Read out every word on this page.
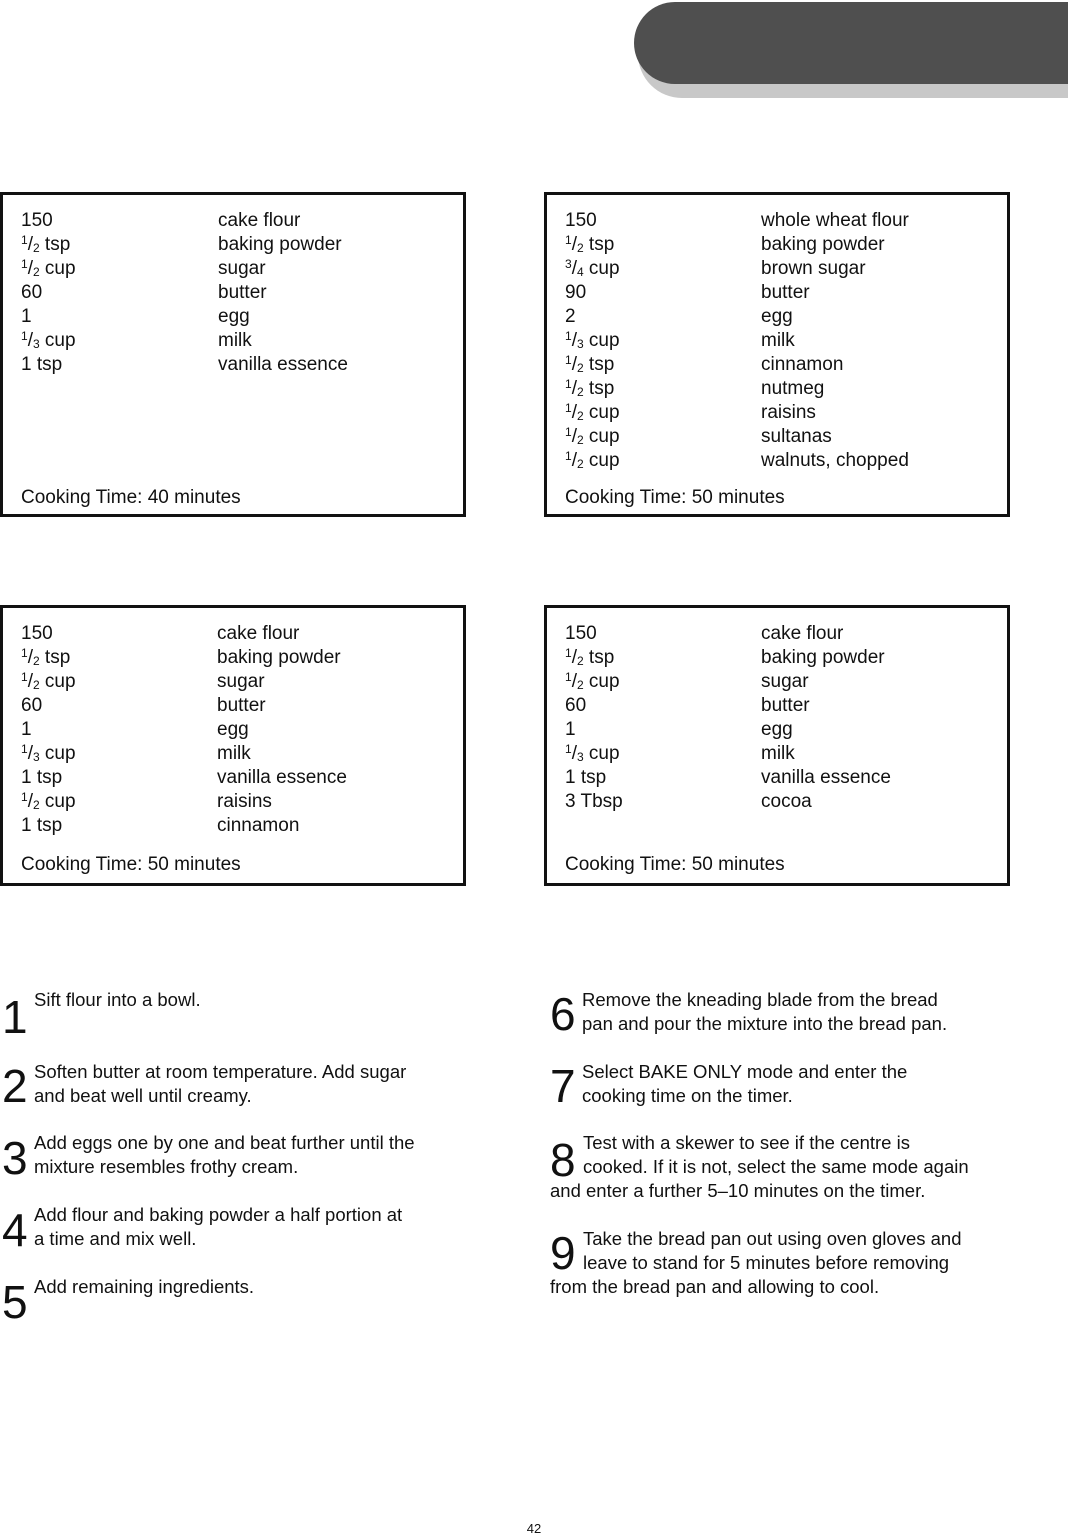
150	cake flour
$^1/_2$ tsp	baking powder
$^1/_2$ cup	sugar
60	butter
1	egg
$^1/_3$ cup	milk
1 tsp	vanilla essence
Cooking Time: 40 minutes
150	whole wheat flour
$^1/_2$ tsp	baking powder
$^3/_4$ cup	brown sugar
90	butter
2	egg
$^1/_3$ cup	milk
$^1/_2$ tsp	cinnamon
$^1/_2$ tsp	nutmeg
$^1/_2$ cup	raisins
$^1/_2$ cup	sultanas
$^1/_2$ cup	walnuts, chopped
Cooking Time: 50 minutes
150	cake flour
$^1/_2$ tsp	baking powder
$^1/_2$ cup	sugar
60	butter
1	egg
$^1/_3$ cup	milk
1 tsp	vanilla essence
$^1/_2$ cup	raisins
1 tsp	cinnamon
Cooking Time: 50 minutes
150	cake flour
$^1/_2$ tsp	baking powder
$^1/_2$ cup	sugar
60	butter
1	egg
$^1/_3$ cup	milk
1 tsp	vanilla essence
3 Tbsp	cocoa
Cooking Time: 50 minutes
1 Sift flour into a bowl.
2 Soften butter at room temperature. Add sugar
and beat well until creamy.
3 Add eggs one by one and beat further until the
mixture resembles frothy cream.
4 Add flour and baking powder a half portion at
a time and mix well.
5 Add remaining ingredients.
6 Remove the kneading blade from the bread
pan and pour the mixture into the bread pan.
7 Select BAKE ONLY mode and enter the
cooking time on the timer.
8 Test with a skewer to see if the centre is
cooked. If it is not, select the same mode again
and enter a further 5–10 minutes on the timer.
9 Take the bread pan out using oven gloves and
leave to stand for 5 minutes before removing
from the bread pan and allowing to cool.
42
